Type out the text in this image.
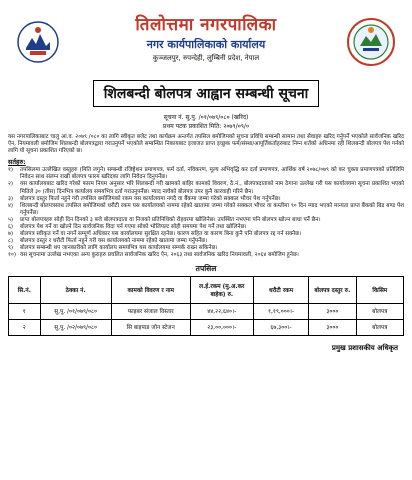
तिलोत्तमा नगरपालिका
नगर कार्यपालिकाको कार्यालय
कुञ्जलपुर, रुपन्देही, लुम्बिनी प्रदेश, नेपाल
शिलबन्दी बोलपत्र आह्वान सम्बन्धी सूचना
सूचना नं. सु.पु. /०१/०७९/०८० (खरिद)
प्रथम पटक प्रकाशित मिति: २०७९/०९/०
यस नगरपालिकाबाट चालु आ.व. २०७९ /०८० का लागि स्वीकृत बजेट तथा कार्यक्रम अन्तर्गत तपसिल बमोजिमको सूचना प्रविधि सम्बन्धी सामान तथा सेवाहरु खरिद गर्नुपर्ने भएकोले सार्वजनिक खरिद ऐन, नियमावली बमोजिम शिलबन्दी बोलपत्रद्वारा गराउनुपर्ने भएकोले सम्बन्धित निकायबाट इजाजत प्राप्त इच्छुक फर्म/संस्था/आपूर्तिकर्ताहरुबाट निम्न शर्तको अधिनमा रही शिलबन्दी बोलपत्र पेश गर्नको लागि यो सूचना प्रकाशित गरिएको छ।
सर्तहरु:
१)	तपसिलमा उल्लेखित वस्तुहरु (मिति लगुने) सम्बन्धी रजिष्ट्रेशन प्रमाणपत्र, फर्म दर्ता, नविकरण, मूल्य अभिवृद्धि कर दर्ता प्रमाणपत्र, आर्थिक वर्ष २०७८/०७९ को कर चुक्ता प्रमाणपत्रको प्रतिलिपि निवेदन साथ संलग्न राखी बोलपत्र फारम खरिदका लागि निवेदन दिनुपर्नेछ।
२)	यस कार्यालयबाट खरिद गरेको फारम नियम अनुसार भरि शिलबन्दी गरी खामको बाहिर कामको विवरण, ठे.नं., बोलपत्रदाताको नाम ठेगाना उल्लेख गरी यस कार्यालयमा सूचना प्रकाशित भएको मितिले ३० (तीस) दिनभित्र कार्यालय समयभित्र दर्ता गराउनुपर्नेछ। म्याद नाघेको बोलपत्र उपर कुनै कारवाही गरिने छैन।
३)	बोलपत्र दस्तुर फिर्ता नहुने गरी तपसिल बमोजिमको रकम यस कार्यालयमा नगदै वा बैंकमा जम्मा गरेको सक्कल भौचर पेश गर्नुपर्नेछ।
४)	शिलबन्दी बोलपत्रसाथ तपसिल बमोजिमको धरौटी रकम यस कार्यालयको नाममा रहेको खातामा जम्मा गरेको सक्कल भौचर वा कम्तीमा ९० दिन म्याद भएको मान्यता प्राप्त बैंकको बिड बण्ड पेश गर्नुपर्नेछ।
५)	प्राप्त बोलपत्रहरु सोही दिन दिनको ३ बजे बोलपत्रदाता वा निजको प्रतिनिधिको रोहवरमा खोलिनेछ। उपस्थित नभएमा पनि बोलपत्र खोल्न बाधा पर्ने छैन।
६)	बोलपत्र पेश गर्ने वा खोल्ने दिन सार्वजनिक विदा पर्न गएमा सोको भोलिपल्ट सोही समयमा पेश गर्ने तथा खोलिनेछ।
७)	बोलपत्र स्वीकृत गर्ने वा नगर्ने सम्पूर्ण अधिकार यस कार्यालयमा सुरक्षित रहनेछ। कारण सहित वा कारण बिना कुनै पनि बोलपत्र रद्द गर्न सक्नेछ।
८)	बोलपत्र दस्तुर र धरौटी फिर्ता नहुने गरी यस कार्यालयको नाममा रहेको खातामा जम्मा गर्नुपर्नेछ।
९)	बोलपत्र सम्बन्धी थप जानकारीको लागि कार्यालय समयभित्र यस कार्यालयमा सम्पर्क राख्न सकिनेछ।
१०) यस सूचनामा उल्लेख नभएका अन्य कुराहरु प्रचलित सार्वजनिक खरिद ऐन, २०६३ तथा सार्वजनिक खरिद नियमावली, २०६४ बमोजिम हुनेछ।
तपसिल
सि.नं.	ठेक्का नं.	कामको विवरण र नाम	ल.ई.रकम (मु.अ.कर बाहेक) रु.	धरौटी रकम	बोलपत्र दस्तुर रु.	किसिम
१	सु.पु. /०१/०७९/०८०	फाइबर संजाल विस्तार	४४,२२,६४०।-	१,१९,०००।-	३०००	बोलपत्र
२	सु.पु. /०२/०७९/०८०	सि बाइपाड जोन स्टेजन	२३,००,०००।-	६७,३००।-	३०००	बोलपत्र
प्रमुख प्रशासकीय अधिकृत
